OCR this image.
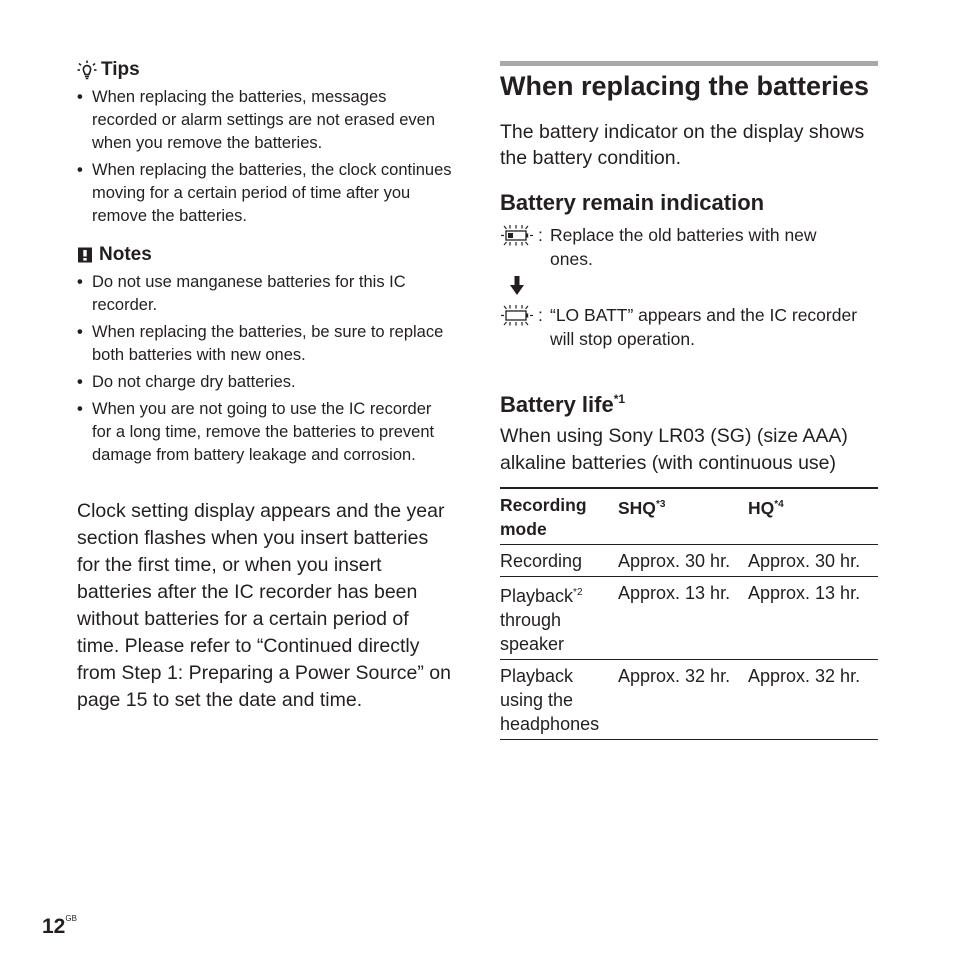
Tips
• When replacing the batteries, messages recorded or alarm settings are not erased even when you remove the batteries.
• When replacing the batteries, the clock continues moving for a certain period of time after you remove the batteries.
Notes
• Do not use manganese batteries for this IC recorder.
• When replacing the batteries, be sure to replace both batteries with new ones.
• Do not charge dry batteries.
• When you are not going to use the IC recorder for a long time, remove the batteries to prevent damage from battery leakage and corrosion.

Clock setting display appears and the year section flashes when you insert batteries for the first time, or when you insert batteries after the IC recorder has been without batteries for a certain period of time. Please refer to “Continued directly from Step 1: Preparing a Power Source” on page 15 to set the date and time.

When replacing the batteries

The battery indicator on the display shows the battery condition.

Battery remain indication
: Replace the old batteries with new ones.
: “LO BATT” appears and the IC recorder will stop operation.
Battery life$^{*1}$

When using Sony LR03 (SG) (size AAA) alkaline batteries (with continuous use)

Recording mode	SHQ$^{*3}$	HQ$^{*4}$
Recording	Approx. 30 hr.	Approx. 30 hr.
Playback$^{*2}$ through speaker	Approx. 13 hr.	Approx. 13 hr.
Playback using the headphones	Approx. 32 hr.	Approx. 32 hr.
$12^{GB}$
